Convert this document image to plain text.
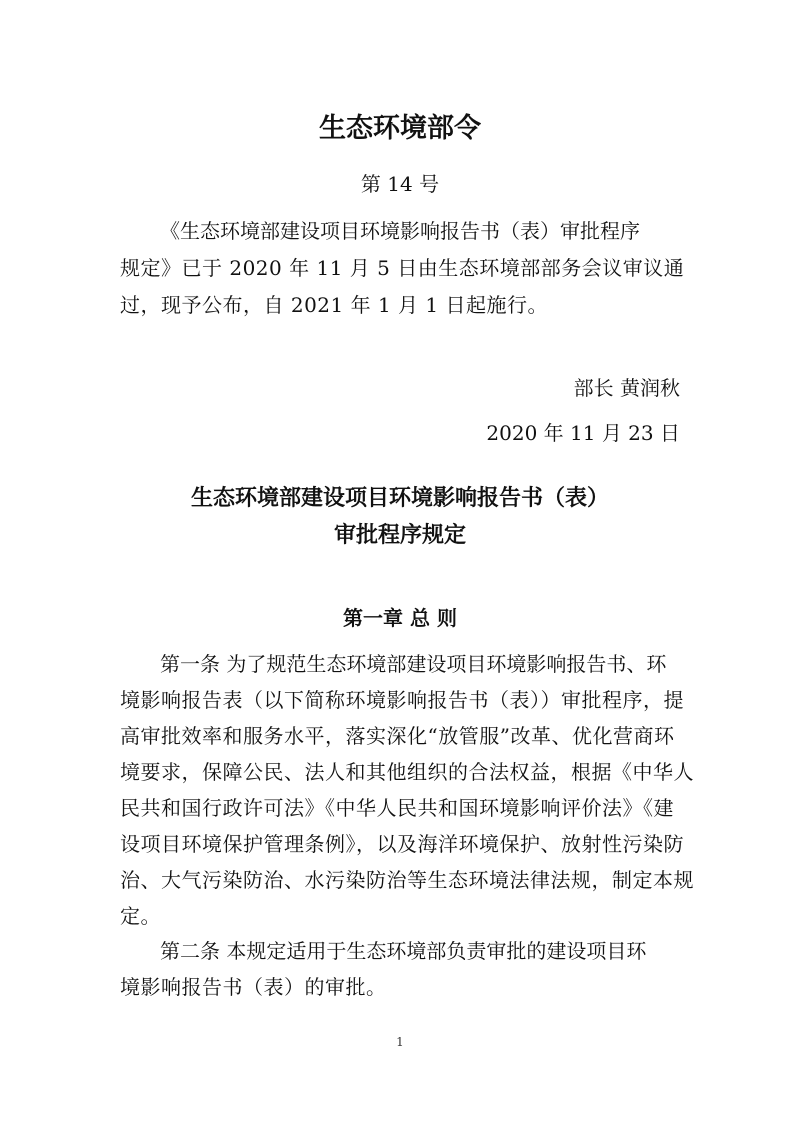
生态环境部令
第 14 号
《生态环境部建设项目环境影响报告书（表）审批程序
规定》已于 2020 年 11 月 5 日由生态环境部部务会议审议通
过，现予公布，自 2021 年 1 月 1 日起施行。
部长 黄润秋
2020 年 11 月 23 日
生态环境部建设项目环境影响报告书（表）
审批程序规定
第一章 总 则
第一条 为了规范生态环境部建设项目环境影响报告书、环
境影响报告表（以下简称环境影响报告书（表））审批程序，提
高审批效率和服务水平，落实深化“放管服”改革、优化营商环
境要求，保障公民、法人和其他组织的合法权益，根据《中华人
民共和国行政许可法》《中华人民共和国环境影响评价法》《建
设项目环境保护管理条例》，以及海洋环境保护、放射性污染防
治、大气污染防治、水污染防治等生态环境法律法规，制定本规
定。
第二条 本规定适用于生态环境部负责审批的建设项目环
境影响报告书（表）的审批。
1
